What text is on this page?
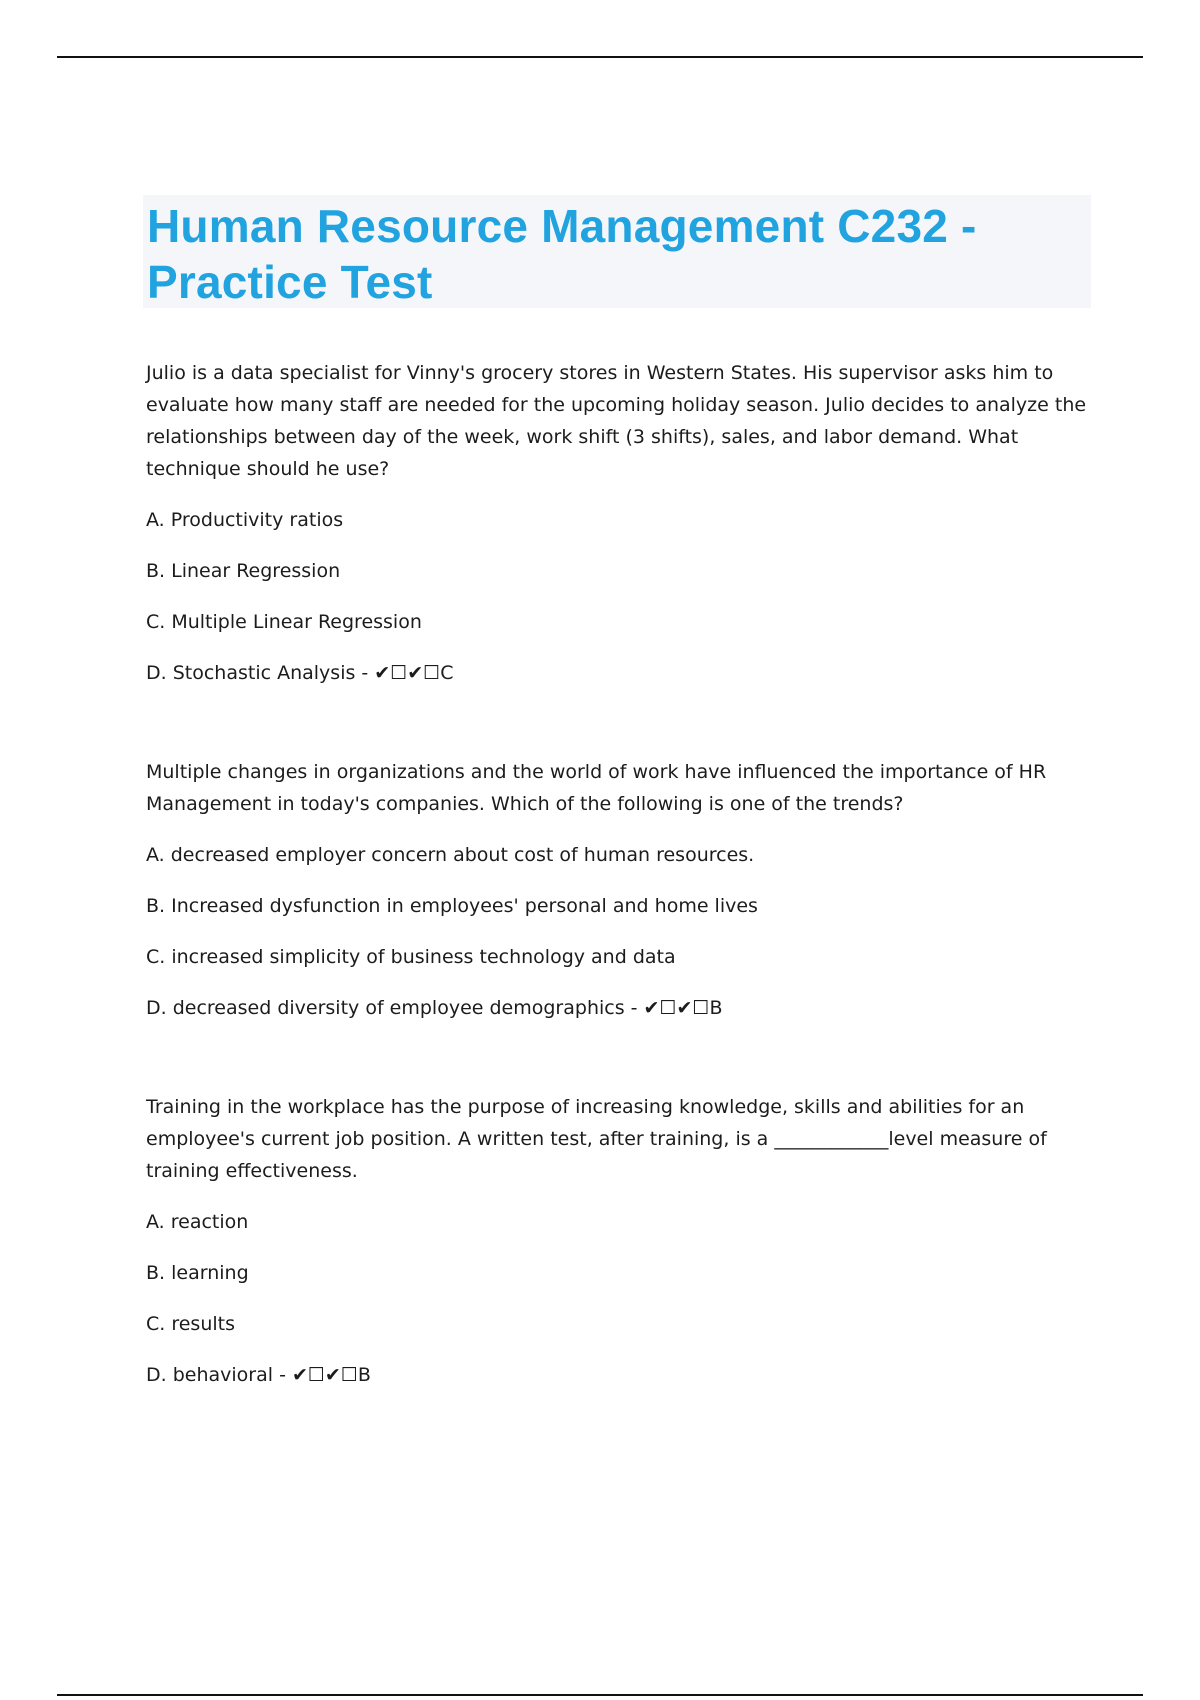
Human Resource Management C232 - Practice Test

Julio is a data specialist for Vinny's grocery stores in Western States. His supervisor asks him to evaluate how many staff are needed for the upcoming holiday season. Julio decides to analyze the relationships between day of the week, work shift (3 shifts), sales, and labor demand. What technique should he use?

A. Productivity ratios
B. Linear Regression
C. Multiple Linear Regression
D. Stochastic Analysis - ✔☐✔☐C

Multiple changes in organizations and the world of work have influenced the importance of HR Management in today's companies. Which of the following is one of the trends?

A. decreased employer concern about cost of human resources.
B. Increased dysfunction in employees' personal and home lives
C. increased simplicity of business technology and data
D. decreased diversity of employee demographics - ✔☐✔☐B

Training in the workplace has the purpose of increasing knowledge, skills and abilities for an employee's current job position. A written test, after training, is a ____________level measure of training effectiveness.

A. reaction
B. learning
C. results
D. behavioral - ✔☐✔☐B
